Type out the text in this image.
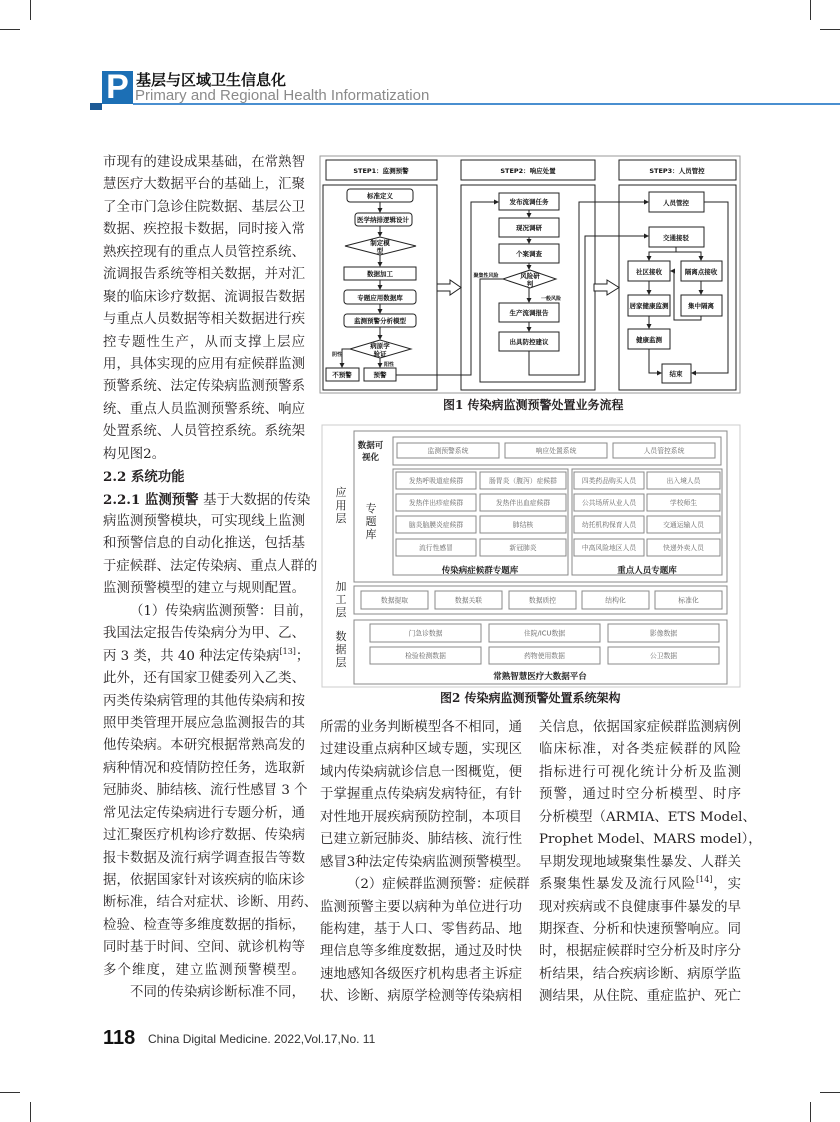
P 基层与区域卫生信息化
Primary and Regional Health Informatization
市现有的建设成果基础，在常熟智
慧医疗大数据平台的基础上，汇聚
了全市门急诊住院数据、基层公卫
数据、疾控报卡数据，同时接入常
熟疾控现有的重点人员管控系统、
流调报告系统等相关数据，并对汇
聚的临床诊疗数据、流调报告数据
与重点人员数据等相关数据进行疾
控专题性生产，从而支撑上层应
用，具体实现的应用有症候群监测
预警系统、法定传染病监测预警系
统、重点人员监测预警系统、响应
处置系统、人员管控系统。系统架
构见图2。
2.2 系统功能
2.2.1 监测预警 基于大数据的传染
病监测预警模块，可实现线上监测
和预警信息的自动化推送，包括基
于症候群、法定传染病、重点人群的
监测预警模型的建立与规则配置。
（1）传染病监测预警：目前，
我国法定报告传染病分为甲、乙、
丙 3 类，共 40 种法定传染病[13]；
此外，还有国家卫健委列入乙类、
丙类传染病管理的其他传染病和按
照甲类管理开展应急监测报告的其
他传染病。本研究根据常熟高发的
病种情况和疫情防控任务，选取新
冠肺炎、肺结核、流行性感冒 3 个
常见法定传染病进行专题分析，通
过汇聚医疗机构诊疗数据、传染病
报卡数据及流行病学调查报告等数
据，依据国家针对该疾病的临床诊
断标准，结合对症状、诊断、用药、
检验、检查等多维度数据的指标，
同时基于时间、空间、就诊机构等
多个维度，建立监测预警模型。
不同的传染病诊断标准不同，
所需的业务判断模型各不相同，通
过建设重点病种区域专题，实现区
域内传染病就诊信息一图概览，便
于掌握重点传染病发病特征，有针
对性地开展疾病预防控制，本项目
已建立新冠肺炎、肺结核、流行性
感冒3种法定传染病监测预警模型。
（2）症候群监测预警：症候群
监测预警主要以病种为单位进行功
能构建，基于人口、零售药品、地
理信息等多维度数据，通过及时快
速地感知各级医疗机构患者主诉症
状、诊断、病原学检测等传染病相
关信息，依据国家症候群监测病例
临床标准，对各类症候群的风险
指标进行可视化统计分析及监测
预警，通过时空分析模型、时序
分析模型（ARMIA、ETS Model、
Prophet Model、MARS model），
早期发现地域聚集性暴发、人群关
系聚集性暴发及流行风险[14]，实
现对疾病或不良健康事件暴发的早
期探查、分析和快速预警响应。同
时，根据症候群时空分析及时序分
析结果，结合疾病诊断、病原学监
测结果，从住院、重症监护、死亡
STEP1：监测预警	STEP2：响应处置	STEP3：人员管控
标准定义
医学纳排逻辑设计
制定模
型
数据加工
专题应用数据库
监测预警分析模型
病原学
验证
阴性
阳性
不预警	预警
发布流调任务
现况调研
个案调查
风险研
判
聚集性风险
一般风险
生产流调报告
出具防控建议
人员管控
交通接驳
社区接收	隔离点接收
居家健康监测	集中隔离
健康监测
结束
图1 传染病监测预警处置业务流程
监测预警系统	响应处置系统	人员管控系统
发热呼吸道症候群	肠胃炎（腹泻）症候群	四类药品购买人员	出入境人员
发热伴出疹症候群	发热伴出血症候群	公共场所从业人员	学校师生
脑炎脑膜炎症候群	肺结核	幼托机构保育人员	交通运输人员
流行性感冒	新冠肺炎	中高风险地区人员	快递外卖人员
数据提取	数据关联	数据质控	结构化	标准化
门急诊数据
检验检测数据
住院/ICU数据
药物使用数据
影像数据
公卫数据
传染病症候群专题库	重点人员专题库
常熟智慧医疗大数据平台
数据可视化
应用层
专题库
加工层
数据层
图2 传染病监测预警处置系统架构
118 China Digital Medicine. 2022,Vol.17,No. 11
